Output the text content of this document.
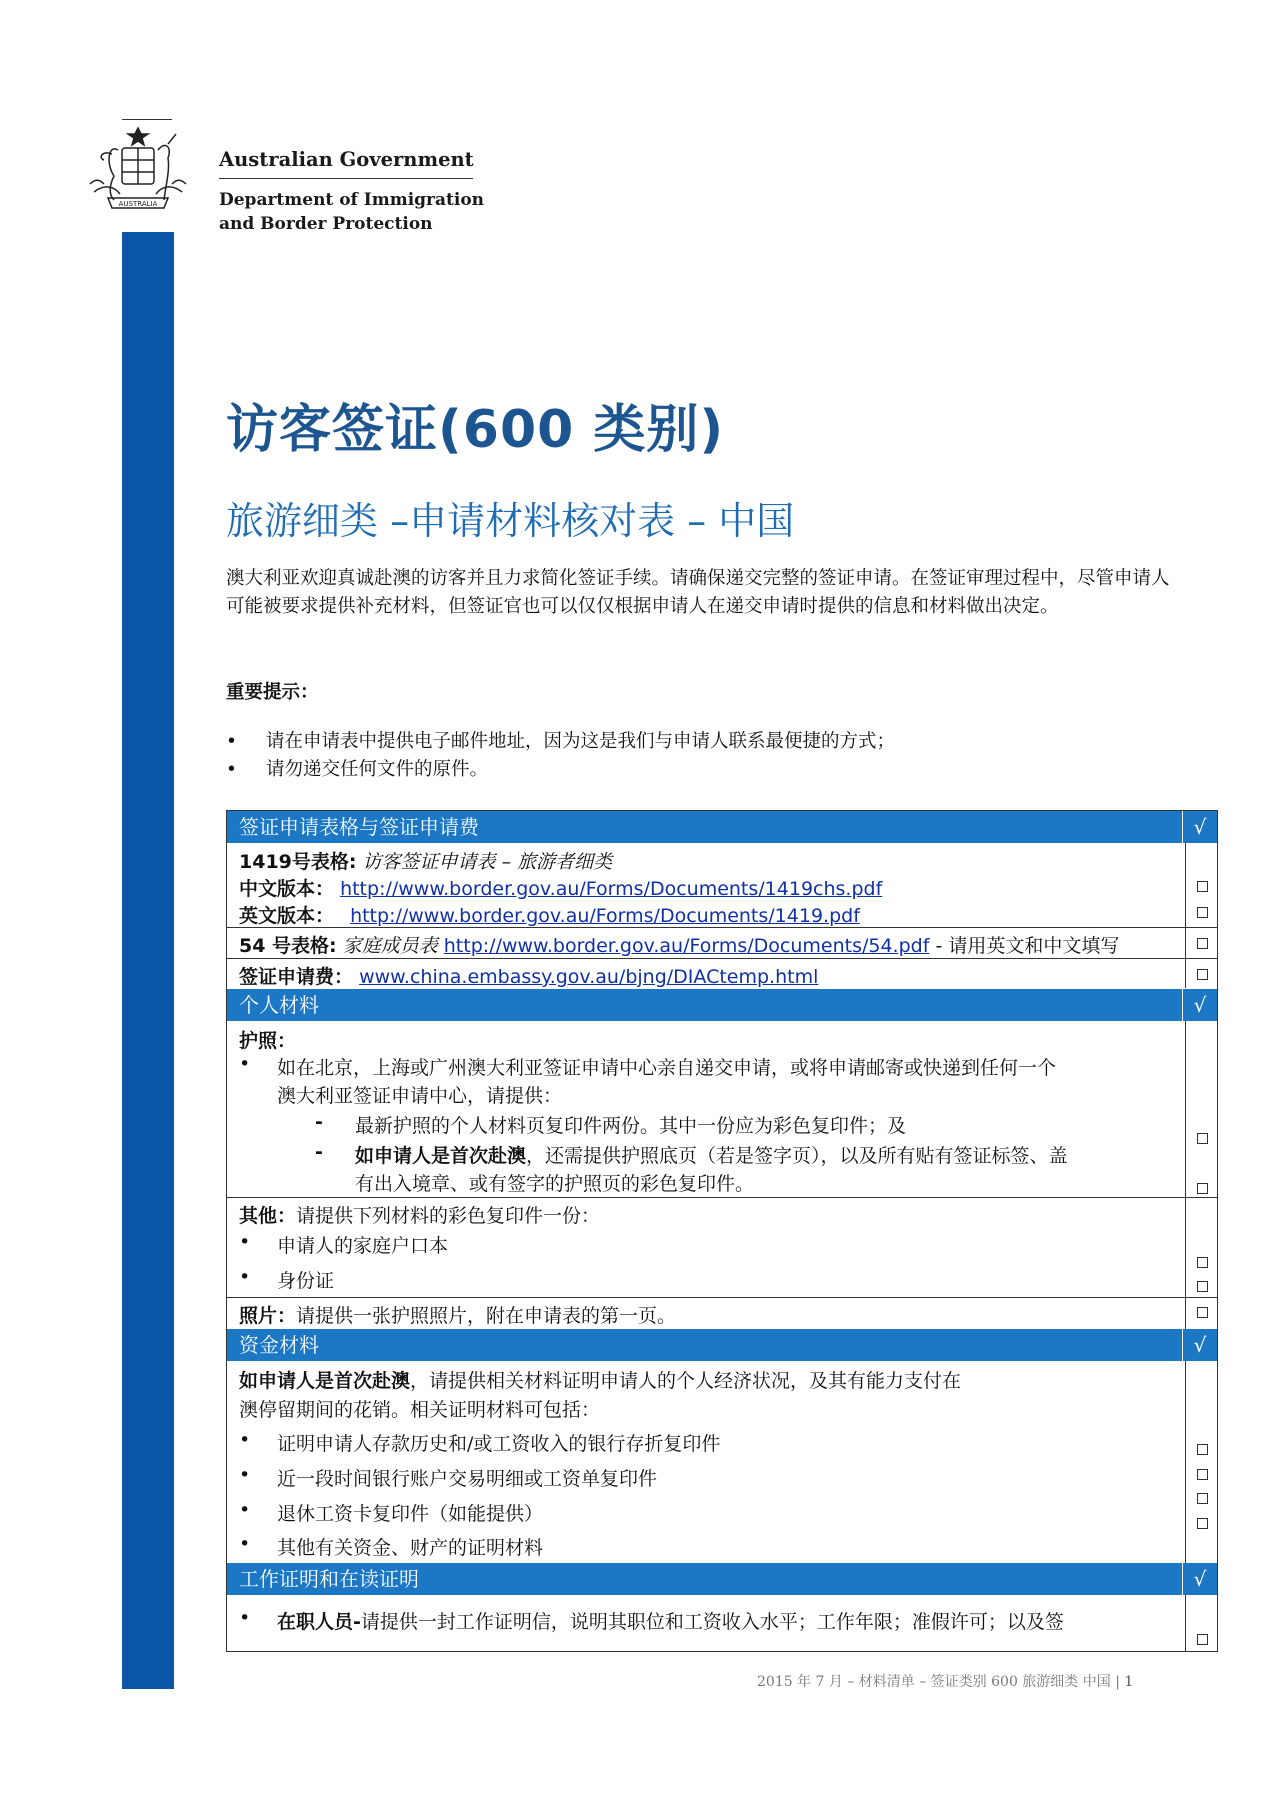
AUSTRALIA
Australian Government
Department of Immigration
and Border Protection
访客签证(600 类别)
旅游细类 –申请材料核对表 – 中国
澳大利亚欢迎真诚赴澳的访客并且力求简化签证手续。请确保递交完整的签证申请。在签证审理过程中，尽管申请人可能被要求提供补充材料，但签证官也可以仅仅根据申请人在递交申请时提供的信息和材料做出决定。
重要提示：
• 请在申请表中提供电子邮件地址，因为这是我们与申请人联系最便捷的方式；
• 请勿递交任何文件的原件。
签证申请表格与签证申请费	√
1419号表格: 访客签证申请表 – 旅游者细类
中文版本： http://www.border.gov.au/Forms/Documents/1419chs.pdf
英文版本： http://www.border.gov.au/Forms/Documents/1419.pdf
54 号表格: 家庭成员表 http://www.border.gov.au/Forms/Documents/54.pdf - 请用英文和中文填写
签证申请费： www.china.embassy.gov.au/bjng/DIACtemp.html
个人材料	√
护照：
• 如在北京，上海或广州澳大利亚签证申请中心亲自递交申请，或将申请邮寄或快递到任何一个
澳大利亚签证申请中心，请提供：
- 最新护照的个人材料页复印件两份。其中一份应为彩色复印件；及
- 如申请人是首次赴澳，还需提供护照底页（若是签字页），以及所有贴有签证标签、盖
有出入境章、或有签字的护照页的彩色复印件。
其他：请提供下列材料的彩色复印件一份：
• 申请人的家庭户口本
• 身份证
照片：请提供一张护照照片，附在申请表的第一页。
资金材料	√
如申请人是首次赴澳，请提供相关材料证明申请人的个人经济状况，及其有能力支付在
澳停留期间的花销。相关证明材料可包括：
• 证明申请人存款历史和/或工资收入的银行存折复印件
• 近一段时间银行账户交易明细或工资单复印件
• 退休工资卡复印件（如能提供）
• 其他有关资金、财产的证明材料
工作证明和在读证明	√
• 在职人员-请提供一封工作证明信，说明其职位和工资收入水平；工作年限；准假许可；以及签
2015 年 7 月 – 材料清单 – 签证类别 600 旅游细类 中国 | 1
